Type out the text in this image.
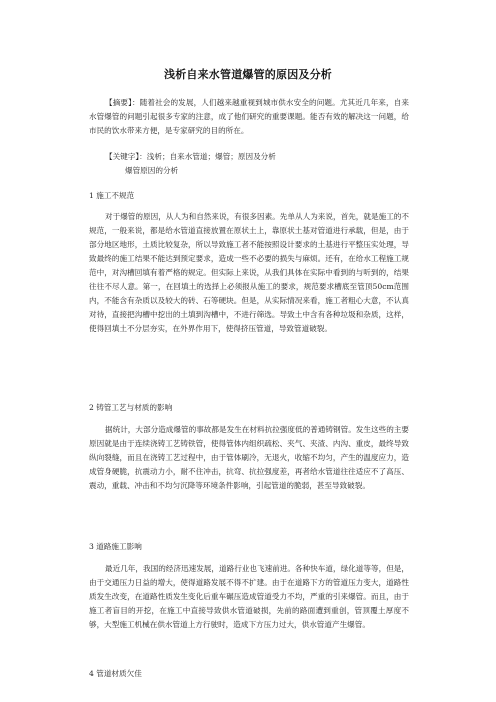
浅析自来水管道爆管的原因及分析
【摘要】：随着社会的发展，人们越来越重视到城市供水安全的问题。尤其近几年来，自来水管爆管的问题引起很多专家的注意，成了他们研究的重要课题。能否有效的解决这一问题，给市民的饮水带来方便，是专家研究的目的所在。
【关键字】：浅析；自来水管道；爆管；原因及分析
爆管原因的分析
1 施工不规范
对于爆管的原因，从人为和自然来说，有很多因素。先单从人为来说，首先，就是施工的不规范，一般来说，都是给水管道直接放置在原状土上，靠原状土基对管道进行承载，但是，由于部分地区地形，土质比较复杂，所以导致施工者不能按照设计要求的土基进行平整压实处理，导致最终的施工结果不能达到预定要求，造成一些不必要的损失与麻烦。还有，在给水工程施工规范中，对沟槽回填有着严格的规定。但实际上来说，从我们具体在实际中看到的与听到的，结果往往不尽人意。第一，在回填土的选择上必须报从施工的要求，规范要求槽底至管顶50cm范围内，不能含有杂质以及较大的砖、石等硬块。但是，从实际情况来看，施工者粗心大意，不认真对待，直接把沟槽中挖出的土填到沟槽中，不进行筛选。导致土中含有各种垃圾和杂质，这样，使得回填土不分层夯实，在外界作用下，使得挤压管道，导致管道破裂。
2 铸管工艺与材质的影响
据统计，大部分造成爆管的事故都是发生在材料抗拉强度低的普通铸钢管。发生这些的主要原因就是由于连续浇铸工艺铸铁管，使得管体内组织疏松、夹气、夹渣、内沟、重皮，最终导致纵向裂缝，而且在浇铸工艺过程中，由于管体刷冷，无退火，收缩不均匀，产生的温度应力，造成管身硬脆，抗震动力小，耐不住冲击，抗弯、抗拉强度差，再者给水管道往往适应不了高压、震动，重载、冲击和不均匀沉降等环境条件影响，引起管道的脆弱，甚至导致破裂。
3 道路施工影响
最近几年，我国的经济迅速发展，道路行业也飞速前进。各种快车道，绿化道等等，但是，由于交通压力日益的增大，使得道路发展不得不扩建。由于在道路下方的管道压力变大，道路性质发生改变，在道路性质发生变化后重车碾压造成管道受力不均，严重的引来爆管。而且，由于施工者盲目的开挖，在施工中直接导致供水管道破损，先前的路面遭到重创，管顶覆土厚度不够，大型施工机械在供水管道上方行驶时，造成下方压力过大，供水管道产生爆管。
4 管道材质欠佳
